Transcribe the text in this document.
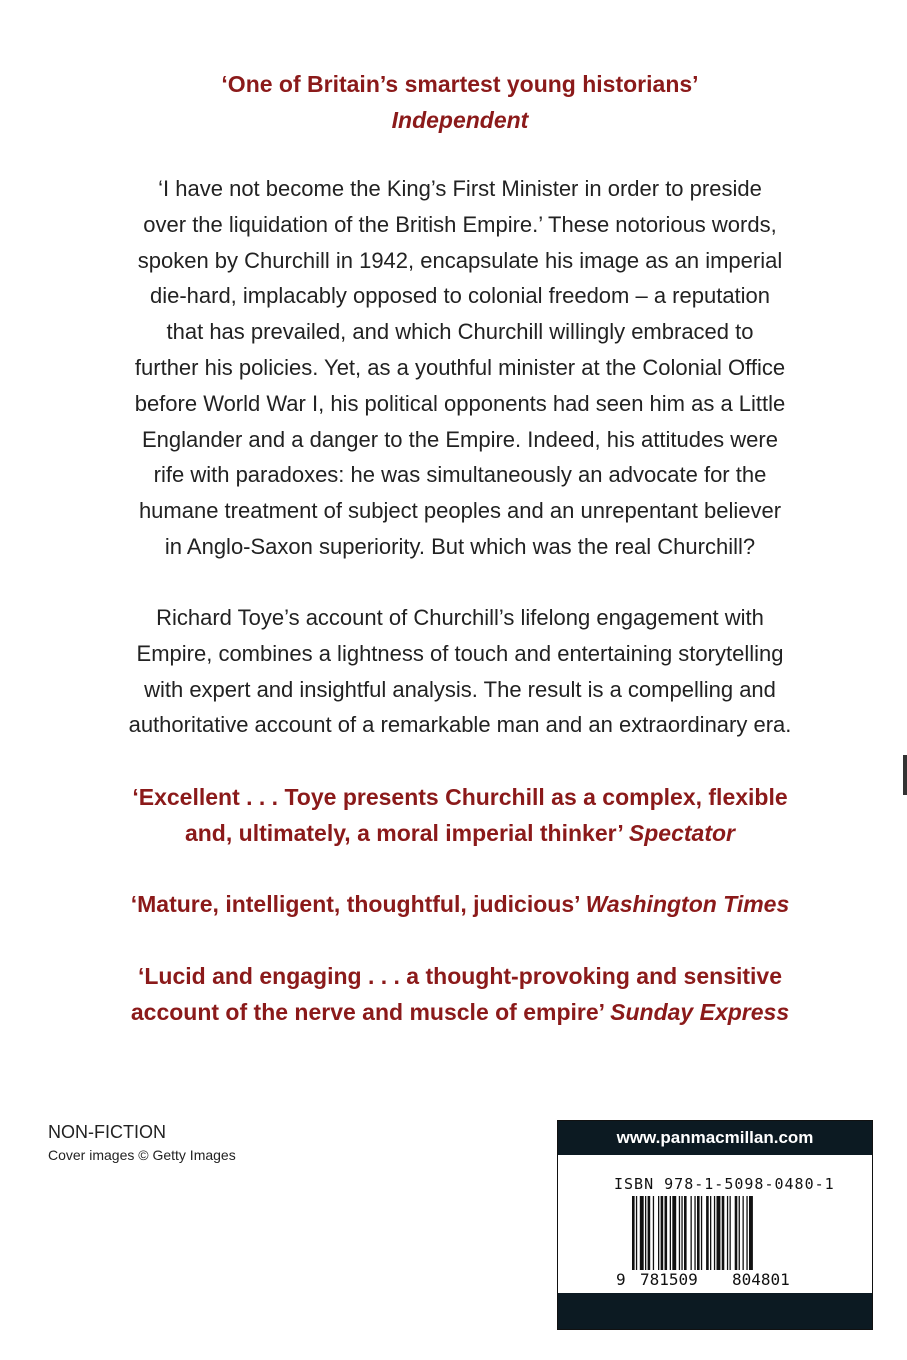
‘One of Britain’s smartest young historians’
Independent
‘I have not become the King’s First Minister in order to preside
over the liquidation of the British Empire.’ These notorious words,
spoken by Churchill in 1942, encapsulate his image as an imperial
die-hard, implacably opposed to colonial freedom – a reputation
that has prevailed, and which Churchill willingly embraced to
further his policies. Yet, as a youthful minister at the Colonial Office
before World War I, his political opponents had seen him as a Little
Englander and a danger to the Empire. Indeed, his attitudes were
rife with paradoxes: he was simultaneously an advocate for the
humane treatment of subject peoples and an unrepentant believer
in Anglo-Saxon superiority. But which was the real Churchill?
Richard Toye’s account of Churchill’s lifelong engagement with
Empire, combines a lightness of touch and entertaining storytelling
with expert and insightful analysis. The result is a compelling and
authoritative account of a remarkable man and an extraordinary era.
‘Excellent . . . Toye presents Churchill as a complex, flexible
and, ultimately, a moral imperial thinker’ Spectator
‘Mature, intelligent, thoughtful, judicious’ Washington Times
‘Lucid and engaging . . . a thought-provoking and sensitive
account of the nerve and muscle of empire’ Sunday Express
NON-FICTION
Cover images © Getty Images
www.panmacmillan.com
ISBN 978-1-5098-0480-1
9 781509 804801
